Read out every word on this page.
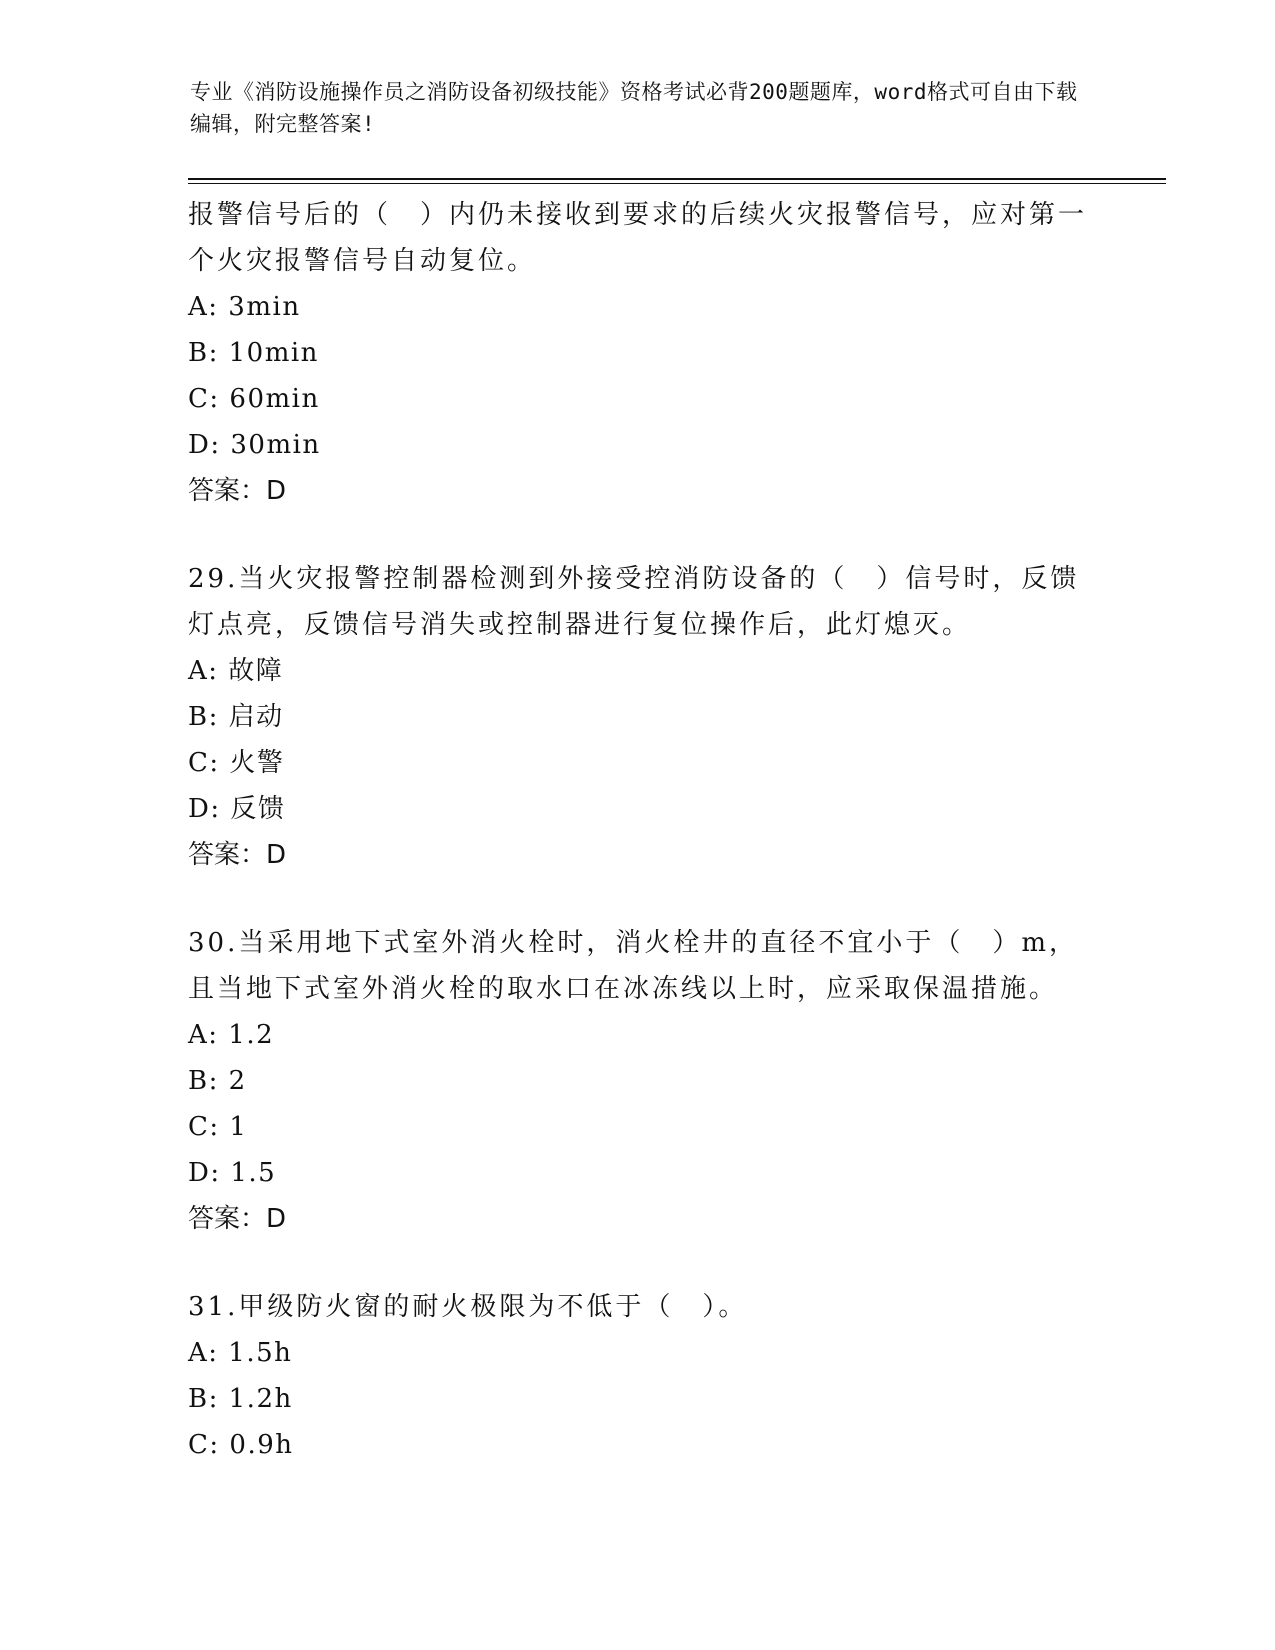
专业《消防设施操作员之消防设备初级技能》资格考试必背200题题库，word格式可自由下载编辑，附完整答案!

报警信号后的（　）内仍未接收到要求的后续火灾报警信号，应对第一个火灾报警信号自动复位。

A: 3min

B: 10min

C: 60min

D: 30min

答案：D

29.当火灾报警控制器检测到外接受控消防设备的（　）信号时，反馈灯点亮，反馈信号消失或控制器进行复位操作后，此灯熄灭。

A: 故障

B: 启动

C: 火警

D: 反馈

答案：D

30.当采用地下式室外消火栓时，消火栓井的直径不宜小于（　）m，且当地下式室外消火栓的取水口在冰冻线以上时，应采取保温措施。

A: 1.2

B: 2

C: 1

D: 1.5

答案：D

31.甲级防火窗的耐火极限为不低于（　）。

A: 1.5h

B: 1.2h

C: 0.9h
